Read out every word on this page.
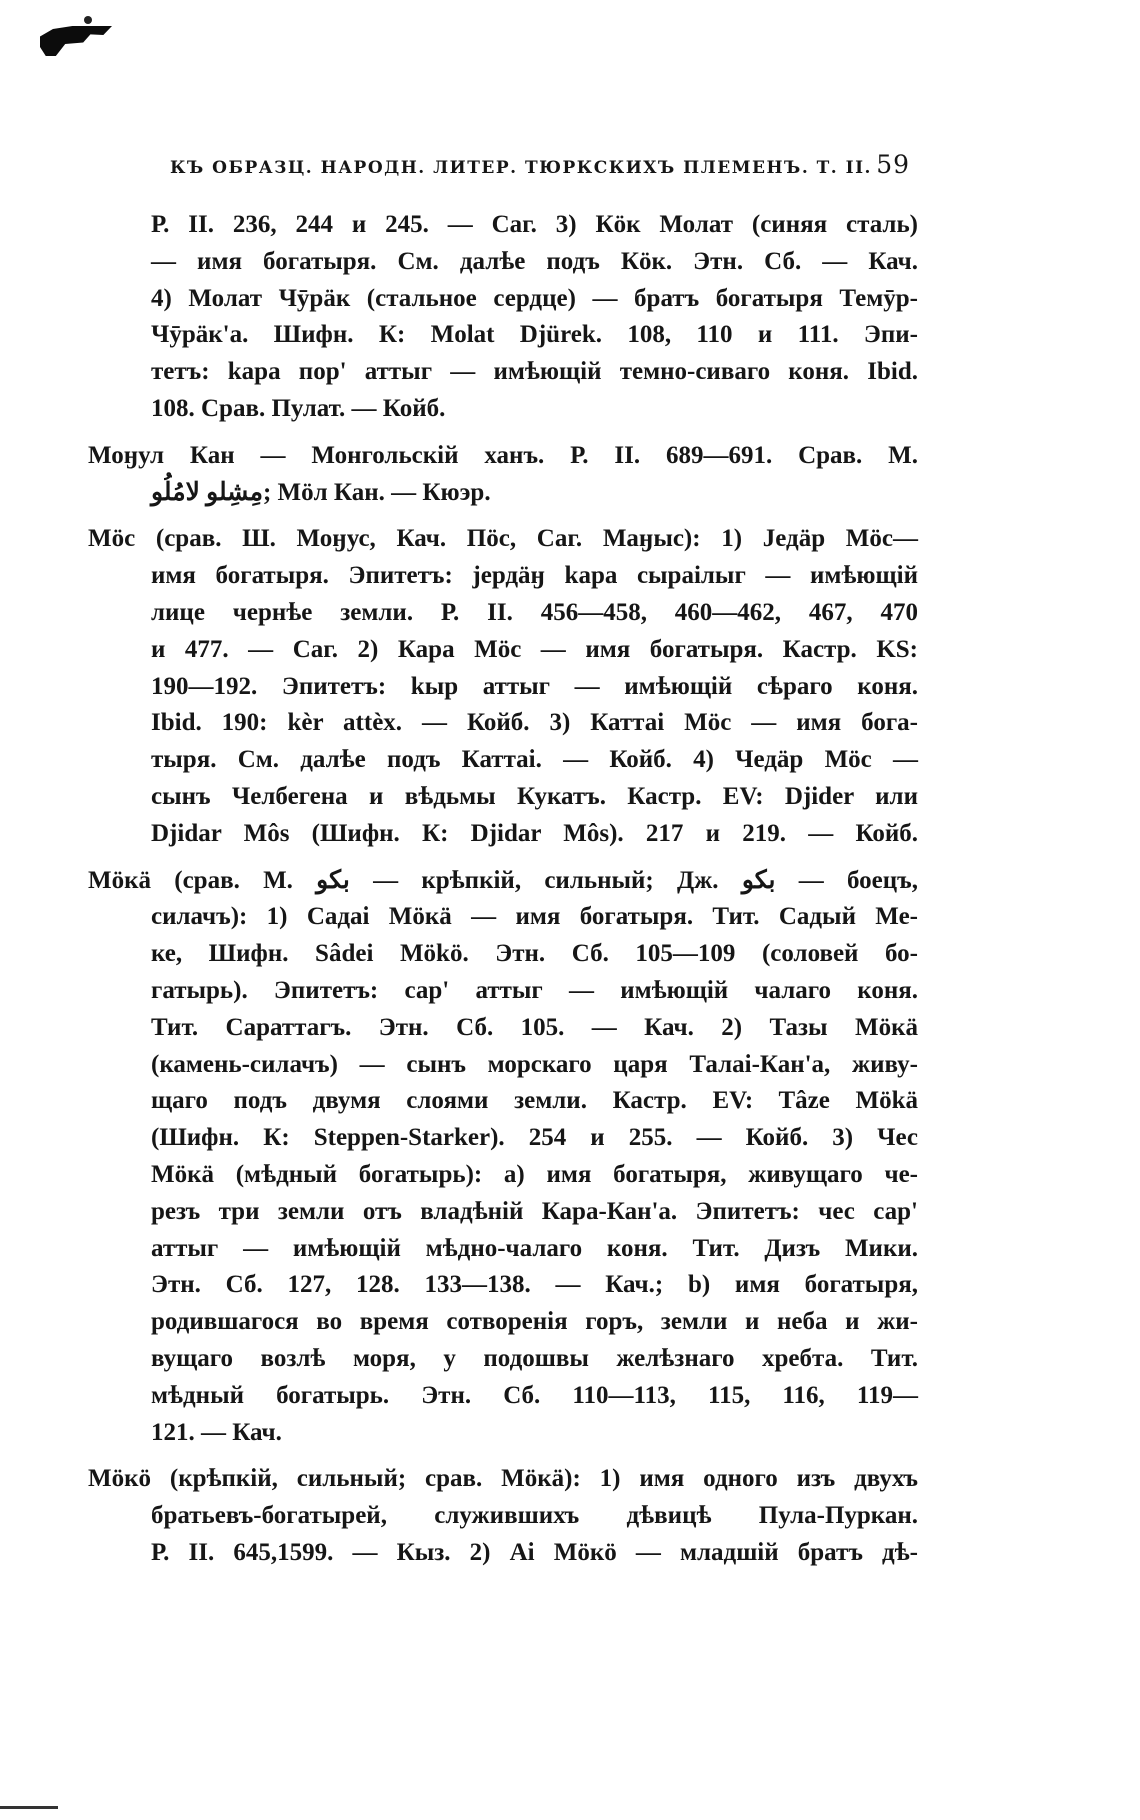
КЪ ОБРАЗЦ. НАРОДН. ЛИТЕР. ТЮРКСКИХЪ ПЛЕМЕНЪ. Т. II. 59
Р. II. 236, 244 и 245. — Саг. 3) Кӧк Молат (синяя сталь)
— имя богатыря. См. далѣе подъ Кӧк. Этн. Сб. — Кач.
4) Молат Чӯрäк (стальное сердце) — братъ богатыря Темӯр-
Чӯрäк'а. Шифн. К: Molat Djürek. 108, 110 и 111. Эпи-
тетъ: kара пор' аттыг — имѣющій темно-сиваго коня. Ibid.
108. Срав. Пулат. — Койб.
Моӈул Кан — Монгольскій ханъ. Р. II. 689—691. Срав. М.
مِشِلو لامُلُو; Мӧл Кан. — Кюэр.
Мӧс (срав. Ш. Моӈус, Кач. Пӧс, Саг. Маӈыс): 1) Једäр Мӧс—
имя богатыря. Эпитетъ: јердäӈ kара сыраiлыг — имѣющій
лице чернѣе земли. Р. II. 456—458, 460—462, 467, 470
и 477. — Саг. 2) Кара Мӧс — имя богатыря. Кастр. KS:
190—192. Эпитетъ: kыр аттыг — имѣющій сѣраго коня.
Ibid. 190: kèr attèx. — Койб. 3) Каттаi Мӧс — имя бога-
тыря. См. далѣе подъ Каттаі. — Койб. 4) Чедäр Мӧс —
сынъ Челбегена и вѣдьмы Кукатъ. Кастр. EV: Djider или
Djidar Môs (Шифн. К: Djidar Môs). 217 и 219. — Койб.
Мӧкä (срав. М. بكو — крѣпкій, сильный; Дж. بكو — боецъ,
силачъ): 1) Садаі Мӧкä — имя богатыря. Тит. Садый Ме-
ке, Шифн. Sâdei Mökö. Этн. Сб. 105—109 (соловей бо-
гатырь). Эпитетъ: сар' аттыг — имѣющій чалаго коня.
Тит. Сараттагъ. Этн. Сб. 105. — Кач. 2) Тазы Мӧкä
(камень-силачъ) — сынъ морскаго царя Талаі-Кан'а, живу-
щаго подъ двумя слоями земли. Кастр. EV: Tâze Mökä
(Шифн. К: Steppen-Starker). 254 и 255. — Койб. 3) Чес
Мӧкä (мѣдный богатырь): а) имя богатыря, живущаго че-
резъ три земли отъ владѣній Кара-Кан'а. Эпитетъ: чес сар'
аттыг — имѣющій мѣдно-чалаго коня. Тит. Дизъ Мики.
Этн. Сб. 127, 128. 133—138. — Кач.; b) имя богатыря,
родившагося во время сотворенія горъ, земли и неба и жи-
вущаго возлѣ моря, у подошвы желѣзнаго хребта. Тит.
мѣдный богатырь. Этн. Сб. 110—113, 115, 116, 119—
121. — Кач.
Мӧкӧ (крѣпкій, сильный; срав. Мӧкä): 1) имя одного изъ двухъ
братьевъ-богатырей, служившихъ дѣвицѣ Пула-Пуркан.
Р. II. 645,1599. — Кыз. 2) Аі Мӧкӧ — младшій братъ дѣ-
